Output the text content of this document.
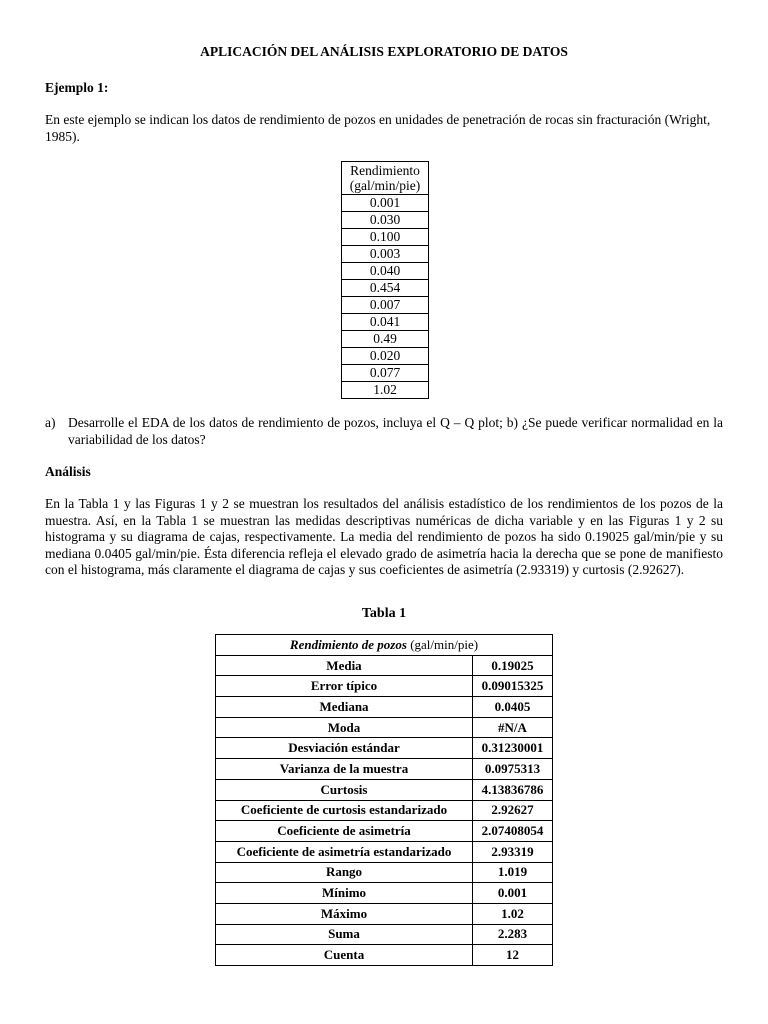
APLICACIÓN DEL ANÁLISIS EXPLORATORIO DE DATOS
Ejemplo 1:
En este ejemplo se indican los datos de rendimiento de pozos en unidades de penetración de rocas sin fracturación (Wright, 1985).
Rendimiento
(gal/min/pie)
0.001
0.030
0.100
0.003
0.040
0.454
0.007
0.041
0.49
0.020
0.077
1.02
a) Desarrolle el EDA de los datos de rendimiento de pozos, incluya el Q – Q plot; b) ¿Se puede verificar normalidad en la variabilidad de los datos?
Análisis
En la Tabla 1 y las Figuras 1 y 2 se muestran los resultados del análisis estadístico de los rendimientos de los pozos de la muestra. Así, en la Tabla 1 se muestran las medidas descriptivas numéricas de dicha variable y en las Figuras 1 y 2 su histograma y su diagrama de cajas, respectivamente. La media del rendimiento de pozos ha sido 0.19025 gal/min/pie y su mediana 0.0405 gal/min/pie. Ésta diferencia refleja el elevado grado de asimetría hacia la derecha que se pone de manifiesto con el histograma, más claramente el diagrama de cajas y sus coeficientes de asimetría (2.93319) y curtosis (2.92627).
Tabla 1
Rendimiento de pozos (gal/min/pie)	
Media	0.19025
Error típico	0.09015325
Mediana	0.0405
Moda	#N/A
Desviación estándar	0.31230001
Varianza de la muestra	0.0975313
Curtosis	4.13836786
Coeficiente de curtosis estandarizado	2.92627
Coeficiente de asimetría	2.07408054
Coeficiente de asimetría estandarizado	2.93319
Rango	1.019
Mínimo	0.001
Máximo	1.02
Suma	2.283
Cuenta	12
